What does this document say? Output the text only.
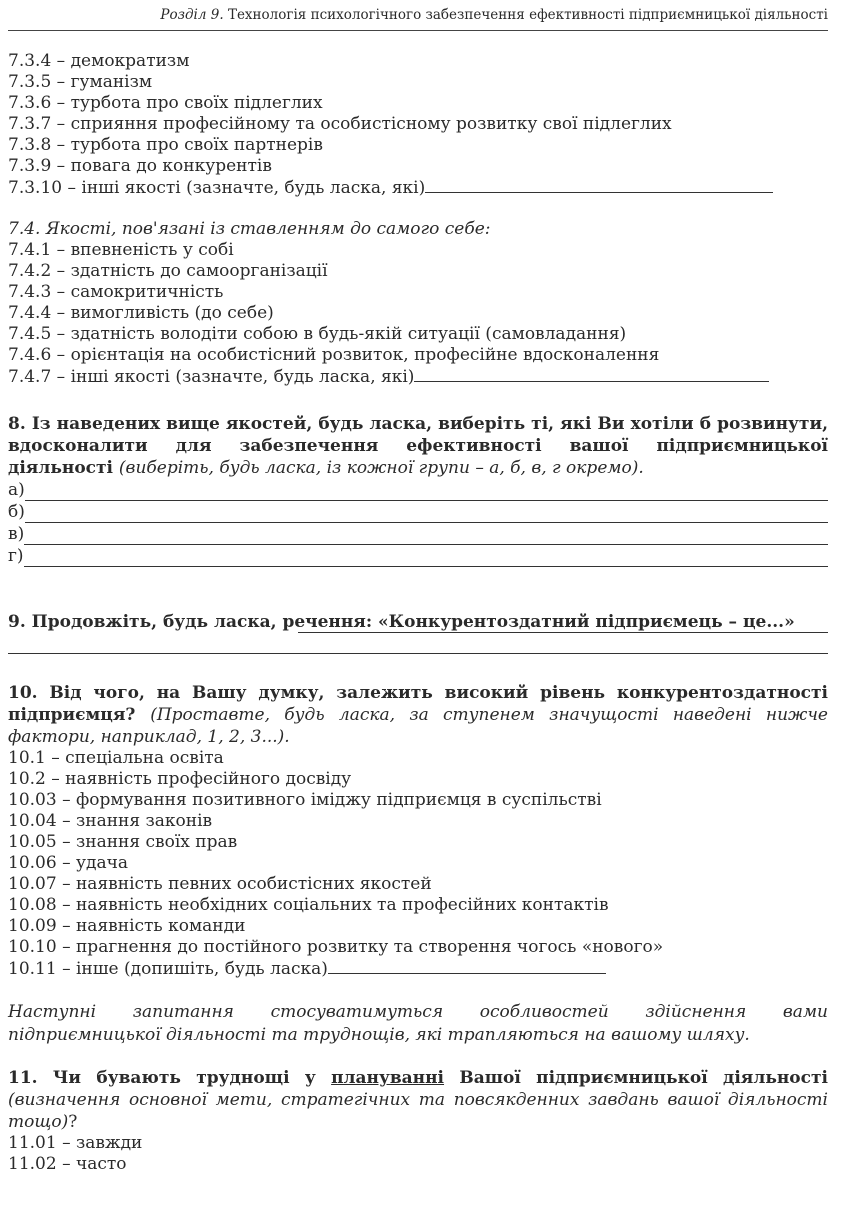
Розділ 9. Технологія психологічного забезпечення ефективності підприємницької діяльності
7.3.4 – демократизм
7.3.5 – гуманізм
7.3.6 – турбота про своїх підлеглих
7.3.7 – сприяння професійному та особистісному розвитку свої підлеглих
7.3.8 – турбота про своїх партнерів
7.3.9 – повага до конкурентів
7.3.10 – інші якості (зазначте, будь ласка, які)
7.4. Якості, пов'язані із ставленням до самого себе:
7.4.1 – впевненість у собі
7.4.2 – здатність до самоорганізації
7.4.3 – самокритичність
7.4.4 – вимогливість (до себе)
7.4.5 – здатність володіти собою в будь-якій ситуації (самовладання)
7.4.6 – орієнтація на особистісний розвиток, професійне вдосконалення
7.4.7 – інші якості (зазначте, будь ласка, які)

8. Із наведених вище якостей, будь ласка, виберіть ті, які Ви хотіли б розвинути, вдосконалити для забезпечення ефективності вашої підприємницької діяльності (виберіть, будь ласка, із кожної групи – а, б, в, г окремо).

а)
б)
в)
г)

9. Продовжіть, будь ласка, речення: «Конкурентоздатний підприємець – це...»

10. Від чого, на Вашу думку, залежить високий рівень конкурентоздатності підприємця? (Проставте, будь ласка, за ступенем значущості наведені нижче фактори, наприклад, 1, 2, 3...).

10.1 – спеціальна освіта
10.2 – наявність професійного досвіду
10.03 – формування позитивного іміджу підприємця в суспільстві
10.04 – знання законів
10.05 – знання своїх прав
10.06 – удача
10.07 – наявність певних особистісних якостей
10.08 – наявність необхідних соціальних та професійних контактів
10.09 – наявність команди
10.10 – прагнення до постійного розвитку та створення чогось «нового»
10.11 – інше (допишіть, будь ласка)

Наступні запитання стосуватимуться особливостей здійснення вами підприємницької діяльності та труднощів, які трапляються на вашому шляху.

11. Чи бувають труднощі у плануванні Вашої підприємницької діяльності (визначення основної мети, стратегічних та повсякденних завдань вашої діяльності тощо)?

11.01 – завжди
11.02 – часто
